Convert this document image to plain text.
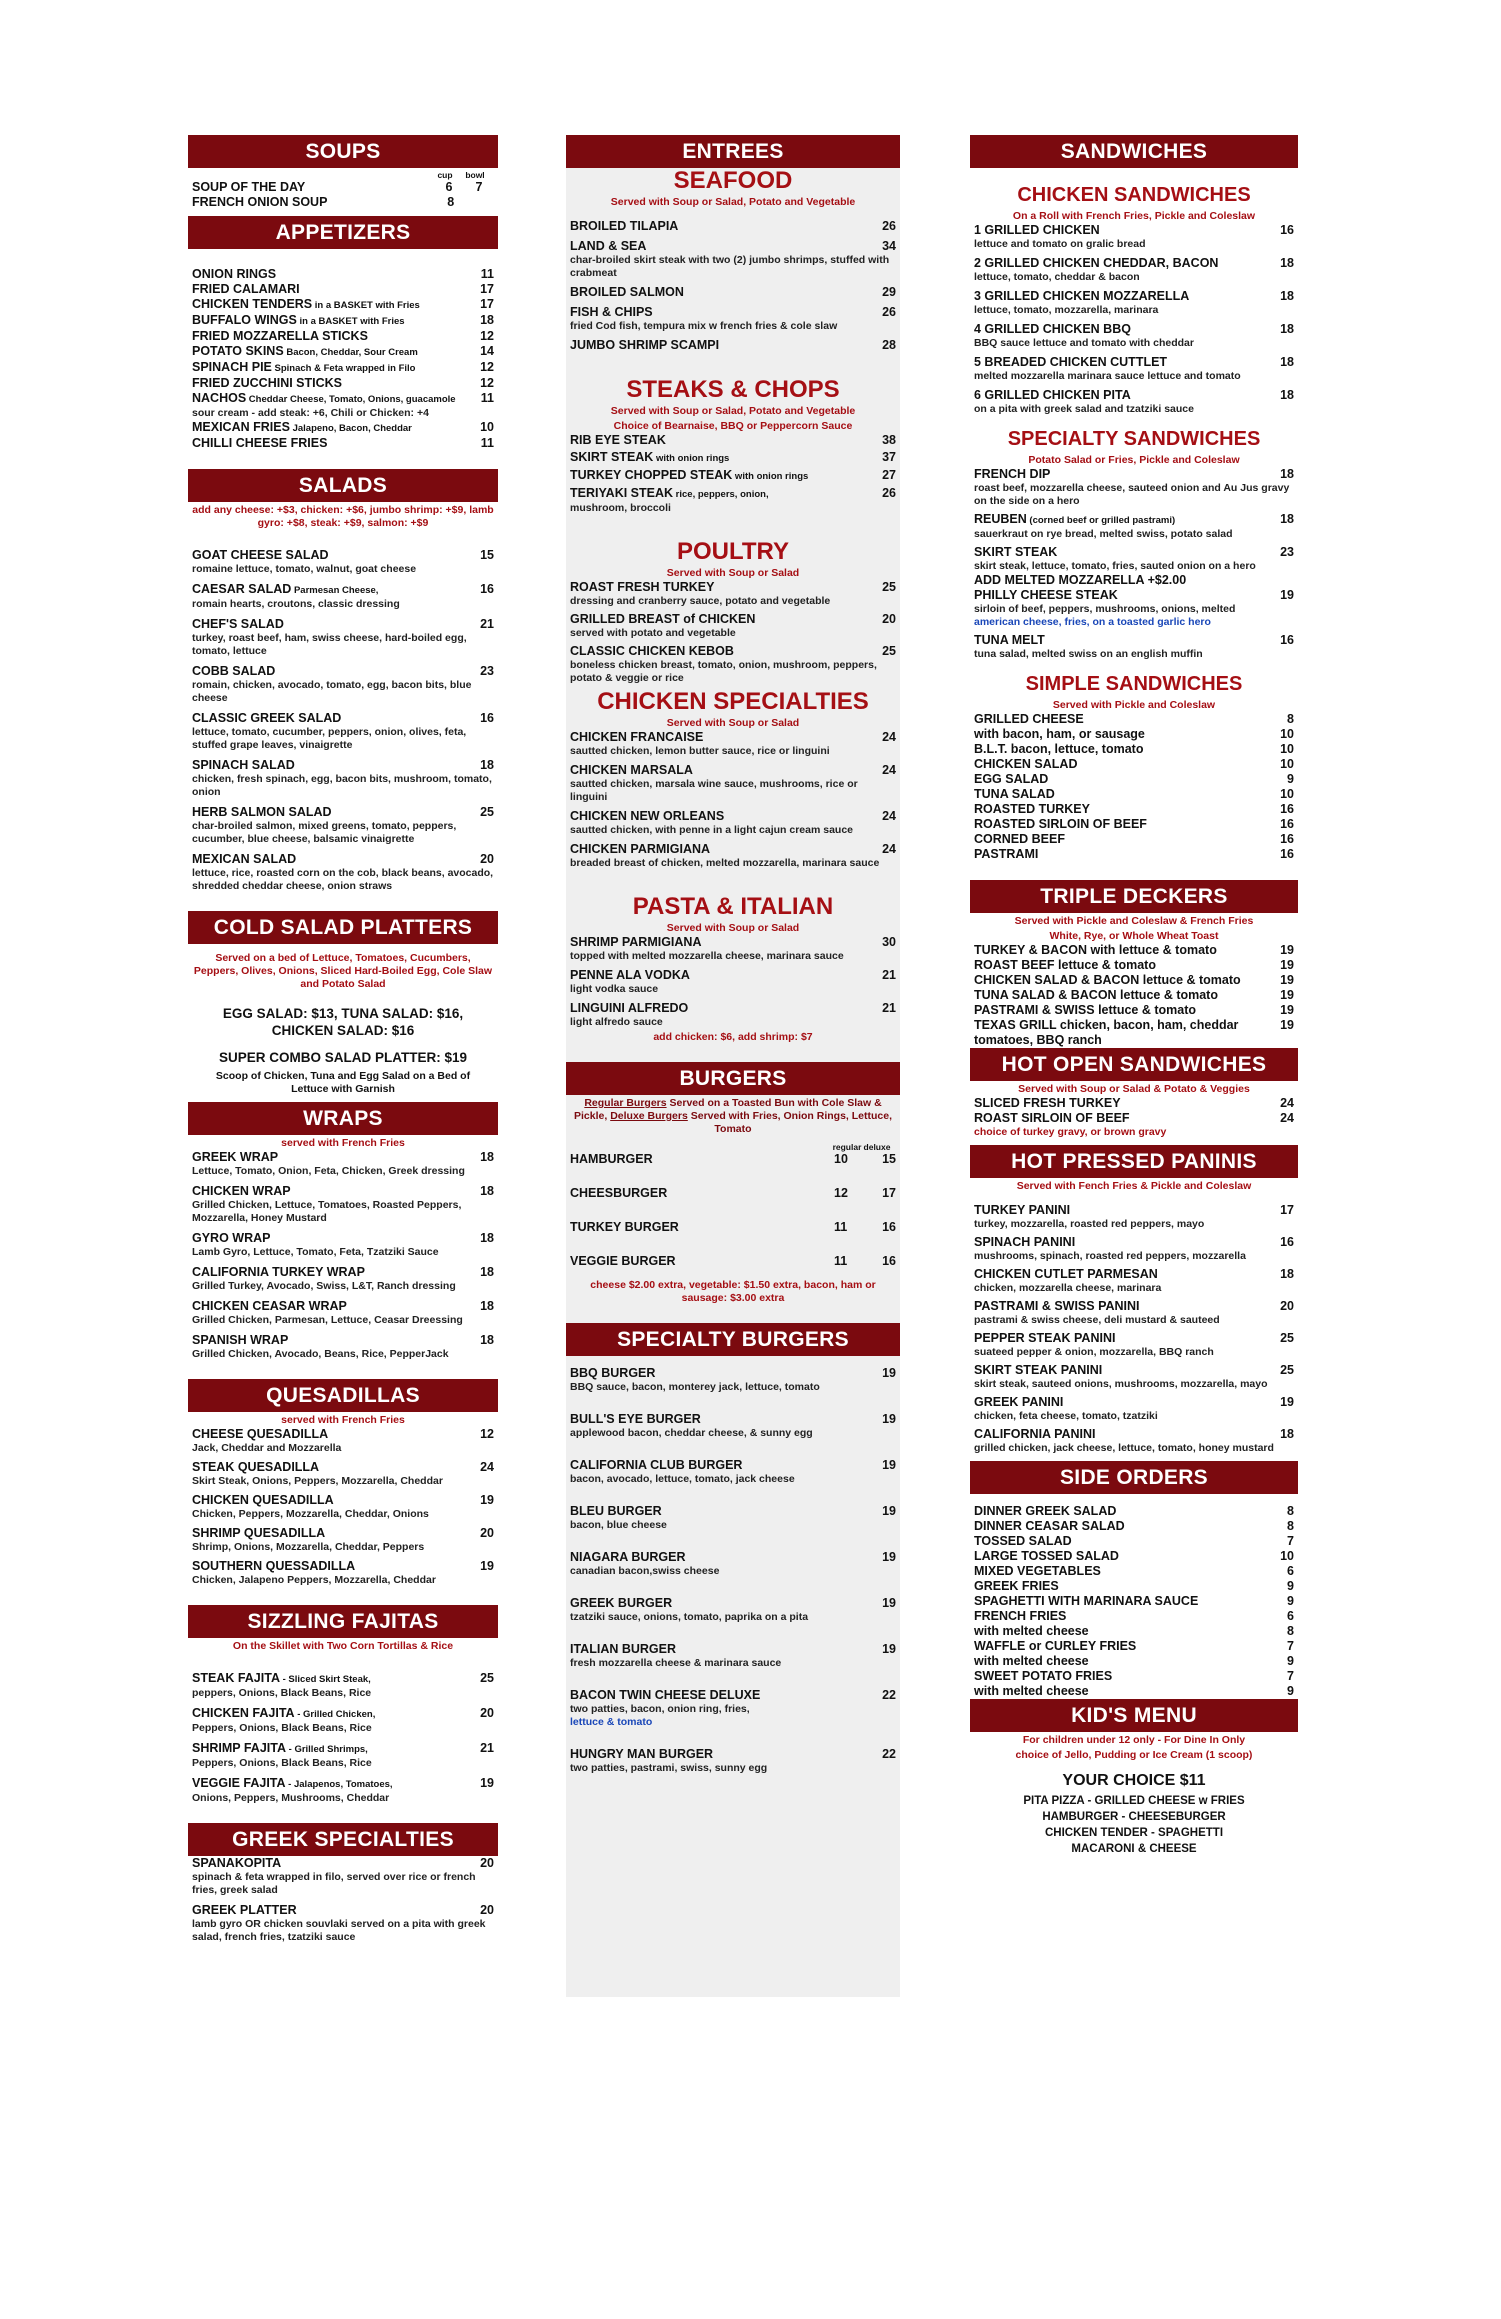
SOUPS
cup	bowl
SOUP OF THE DAY	6 7
FRENCH ONION SOUP	8
APPETIZERS
ONION RINGS	11
FRIED CALAMARI	17
CHICKEN TENDERS in a BASKET with Fries	17
BUFFALO WINGS in a BASKET with Fries	18
FRIED MOZZARELLA STICKS	12
POTATO SKINS Bacon, Cheddar, Sour Cream	14
SPINACH PIE Spinach & Feta wrapped in Filo	12
FRIED ZUCCHINI STICKS	12
NACHOS Cheddar Cheese, Tomato, Onions, guacamole	11
sour cream - add steak: +6, Chili or Chicken: +4
MEXICAN FRIES Jalapeno, Bacon, Cheddar	10
CHILLI CHEESE FRIES	11
SALADS
add any cheese: +$3, chicken: +$6, jumbo shrimp: +$9, lamb gyro: +$8, steak: +$9, salmon: +$9
GOAT CHEESE SALAD	15
romaine lettuce, tomato, walnut, goat cheese
CAESAR SALAD Parmesan Cheese,	16
romain hearts, croutons, classic dressing
CHEF'S SALAD	21
turkey, roast beef, ham, swiss cheese, hard-boiled egg, tomato, lettuce
COBB SALAD	23
romain, chicken, avocado, tomato, egg, bacon bits, blue cheese
CLASSIC GREEK SALAD	16
lettuce, tomato, cucumber, peppers, onion, olives, feta, stuffed grape leaves, vinaigrette
SPINACH SALAD	18
chicken, fresh spinach, egg, bacon bits, mushroom, tomato, onion
HERB SALMON SALAD	25
char-broiled salmon, mixed greens, tomato, peppers, cucumber, blue cheese, balsamic vinaigrette
MEXICAN SALAD	20
lettuce, rice, roasted corn on the cob, black beans, avocado, shredded cheddar cheese, onion straws
COLD SALAD PLATTERS
Served on a bed of Lettuce, Tomatoes, Cucumbers, Peppers, Olives, Onions, Sliced Hard-Boiled Egg, Cole Slaw and Potato Salad
EGG SALAD: $13, TUNA SALAD: $16, CHICKEN SALAD: $16
SUPER COMBO SALAD PLATTER: $19
Scoop of Chicken, Tuna and Egg Salad on a Bed of Lettuce with Garnish
WRAPS
served with French Fries
GREEK WRAP	18
Lettuce, Tomato, Onion, Feta, Chicken, Greek dressing
CHICKEN WRAP	18
Grilled Chicken, Lettuce, Tomatoes, Roasted Peppers, Mozzarella, Honey Mustard
GYRO WRAP	18
Lamb Gyro, Lettuce, Tomato, Feta, Tzatziki Sauce
CALIFORNIA TURKEY WRAP	18
Grilled Turkey, Avocado, Swiss, L&T, Ranch dressing
CHICKEN CEASAR WRAP	18
Grilled Chicken, Parmesan, Lettuce, Ceasar Dreessing
SPANISH WRAP	18
Grilled Chicken, Avocado, Beans, Rice, PepperJack
QUESADILLAS
served with French Fries
CHEESE QUESADILLA	12
Jack, Cheddar and Mozzarella
STEAK QUESADILLA	24
Skirt Steak, Onions, Peppers, Mozzarella, Cheddar
CHICKEN QUESADILLA	19
Chicken, Peppers, Mozzarella, Cheddar, Onions
SHRIMP QUESADILLA	20
Shrimp, Onions, Mozzarella, Cheddar, Peppers
SOUTHERN QUESSADILLA	19
Chicken, Jalapeno Peppers, Mozzarella, Cheddar
SIZZLING FAJITAS
On the Skillet with Two Corn Tortillas & Rice
STEAK FAJITA - Sliced Skirt Steak,	25
peppers, Onions, Black Beans, Rice
CHICKEN FAJITA - Grilled Chicken,	20
Peppers, Onions, Black Beans, Rice
SHRIMP FAJITA - Grilled Shrimps,	21
Peppers, Onions, Black Beans, Rice
VEGGIE FAJITA - Jalapenos, Tomatoes,	19
Onions, Peppers, Mushrooms, Cheddar
GREEK SPECIALTIES
SPANAKOPITA	20
spinach & feta wrapped in filo, served over rice or french fries, greek salad
GREEK PLATTER	20
lamb gyro OR chicken souvlaki served on a pita with greek salad, french fries, tzatziki sauce
ENTREES
SEAFOOD
Served with Soup or Salad, Potato and Vegetable
BROILED TILAPIA	26
LAND & SEA	34
char-broiled skirt steak with two (2) jumbo shrimps, stuffed with crabmeat
BROILED SALMON	29
FISH & CHIPS	26
fried Cod fish, tempura mix w french fries & cole slaw
JUMBO SHRIMP SCAMPI	28
STEAKS & CHOPS
Served with Soup or Salad, Potato and Vegetable
Choice of Bearnaise, BBQ or Peppercorn Sauce
RIB EYE STEAK	38
SKIRT STEAK with onion rings	37
TURKEY CHOPPED STEAK with onion rings	27
TERIYAKI STEAK rice, peppers, onion,	26
mushroom, broccoli
POULTRY
Served with Soup or Salad
ROAST FRESH TURKEY	25
dressing and cranberry sauce, potato and vegetable
GRILLED BREAST of CHICKEN	20
served with potato and vegetable
CLASSIC CHICKEN KEBOB	25
boneless chicken breast, tomato, onion, mushroom, peppers, potato & veggie or rice
CHICKEN SPECIALTIES
Served with Soup or Salad
CHICKEN FRANCAISE	24
sautted chicken, lemon butter sauce, rice or linguini
CHICKEN MARSALA	24
sautted chicken, marsala wine sauce, mushrooms, rice or linguini
CHICKEN NEW ORLEANS	24
sautted chicken, with penne in a light cajun cream sauce
CHICKEN PARMIGIANA	24
breaded breast of chicken, melted mozzarella, marinara sauce
PASTA & ITALIAN
Served with Soup or Salad
SHRIMP PARMIGIANA	30
topped with melted mozzarella cheese, marinara sauce
PENNE ALA VODKA	21
light vodka sauce
LINGUINI ALFREDO	21
light alfredo sauce
add chicken: $6, add shrimp: $7
BURGERS
Regular Burgers Served on a Toasted Bun with Cole Slaw & Pickle, Deluxe Burgers Served with Fries, Onion Rings, Lettuce, Tomato
regular deluxe
HAMBURGER	10	15
CHEESBURGER	12	17
TURKEY BURGER	11	16
VEGGIE BURGER	11	16
cheese $2.00 extra, vegetable: $1.50 extra, bacon, ham or sausage: $3.00 extra
SPECIALTY BURGERS
BBQ BURGER	19
BBQ sauce, bacon, monterey jack, lettuce, tomato
BULL'S EYE BURGER	19
applewood bacon, cheddar cheese, & sunny egg
CALIFORNIA CLUB BURGER	19
bacon, avocado, lettuce, tomato, jack cheese
BLEU BURGER	19
bacon, blue cheese
NIAGARA BURGER	19
canadian bacon,swiss cheese
GREEK BURGER	19
tzatziki sauce, onions, tomato, paprika on a pita
ITALIAN BURGER	19
fresh mozzarella cheese & marinara sauce
BACON TWIN CHEESE DELUXE	22
two patties, bacon, onion ring, fries,
lettuce & tomato
HUNGRY MAN BURGER	22
two patties, pastrami, swiss, sunny egg
SANDWICHES
CHICKEN SANDWICHES
On a Roll with French Fries, Pickle and Coleslaw
1 GRILLED CHICKEN	16
lettuce and tomato on gralic bread
2 GRILLED CHICKEN CHEDDAR, BACON	18
lettuce, tomato, cheddar & bacon
3 GRILLED CHICKEN MOZZARELLA	18
lettuce, tomato, mozzarella, marinara
4 GRILLED CHICKEN BBQ	18
BBQ sauce lettuce and tomato with cheddar
5 BREADED CHICKEN CUTTLET	18
melted mozzarella marinara sauce lettuce and tomato
6 GRILLED CHICKEN PITA	18
on a pita with greek salad and tzatziki sauce
SPECIALTY SANDWICHES
Potato Salad or Fries, Pickle and Coleslaw
FRENCH DIP	18
roast beef, mozzarella cheese, sauteed onion and Au Jus gravy on the side on a hero
REUBEN (corned beef or grilled pastrami)	18
sauerkraut on rye bread, melted swiss, potato salad
SKIRT STEAK	23
skirt steak, lettuce, tomato, fries, sauted onion on a hero
ADD MELTED MOZZARELLA +$2.00
PHILLY CHEESE STEAK	19
sirloin of beef, peppers, mushrooms, onions, melted
american cheese, fries, on a toasted garlic hero
TUNA MELT	16
tuna salad, melted swiss on an english muffin
SIMPLE SANDWICHES
Served with Pickle and Coleslaw
GRILLED CHEESE	8
with bacon, ham, or sausage	10
B.L.T. bacon, lettuce, tomato	10
CHICKEN SALAD	10
EGG SALAD	9
TUNA SALAD	10
ROASTED TURKEY	16
ROASTED SIRLOIN OF BEEF	16
CORNED BEEF	16
PASTRAMI	16
TRIPLE DECKERS
Served with Pickle and Coleslaw & French Fries
White, Rye, or Whole Wheat Toast
TURKEY & BACON with lettuce & tomato	19
ROAST BEEF lettuce & tomato	19
CHICKEN SALAD & BACON lettuce & tomato	19
TUNA SALAD & BACON lettuce & tomato	19
PASTRAMI & SWISS lettuce & tomato	19
TEXAS GRILL chicken, bacon, ham, cheddar	19
tomatoes, BBQ ranch
HOT OPEN SANDWICHES
Served with Soup or Salad & Potato & Veggies
SLICED FRESH TURKEY	24
ROAST SIRLOIN OF BEEF	24
choice of turkey gravy, or brown gravy
HOT PRESSED PANINIS
Served with Fench Fries & Pickle and Coleslaw
TURKEY PANINI	17
turkey, mozzarella, roasted red peppers, mayo
SPINACH PANINI	16
mushrooms, spinach, roasted red peppers, mozzarella
CHICKEN CUTLET PARMESAN	18
chicken, mozzarella cheese, marinara
PASTRAMI & SWISS PANINI	20
pastrami & swiss cheese, deli mustard & sauteed
PEPPER STEAK PANINI	25
suateed pepper & onion, mozzarella, BBQ ranch
SKIRT STEAK PANINI	25
skirt steak, sauteed onions, mushrooms, mozzarella, mayo
GREEK PANINI	19
chicken, feta cheese, tomato, tzatziki
CALIFORNIA PANINI	18
grilled chicken, jack cheese, lettuce, tomato, honey mustard
SIDE ORDERS
DINNER GREEK SALAD	8
DINNER CEASAR SALAD	8
TOSSED SALAD	7
LARGE TOSSED SALAD	10
MIXED VEGETABLES	6
GREEK FRIES	9
SPAGHETTI WITH MARINARA SAUCE	9
FRENCH FRIES	6
with melted cheese	8
WAFFLE or CURLEY FRIES	7
with melted cheese	9
SWEET POTATO FRIES	7
with melted cheese	9
KID'S MENU
For children under 12 only - For Dine In Only
choice of Jello, Pudding or Ice Cream (1 scoop)
YOUR CHOICE $11
PITA PIZZA - GRILLED CHEESE w FRIES
HAMBURGER - CHEESEBURGER
CHICKEN TENDER - SPAGHETTI
MACARONI & CHEESE
